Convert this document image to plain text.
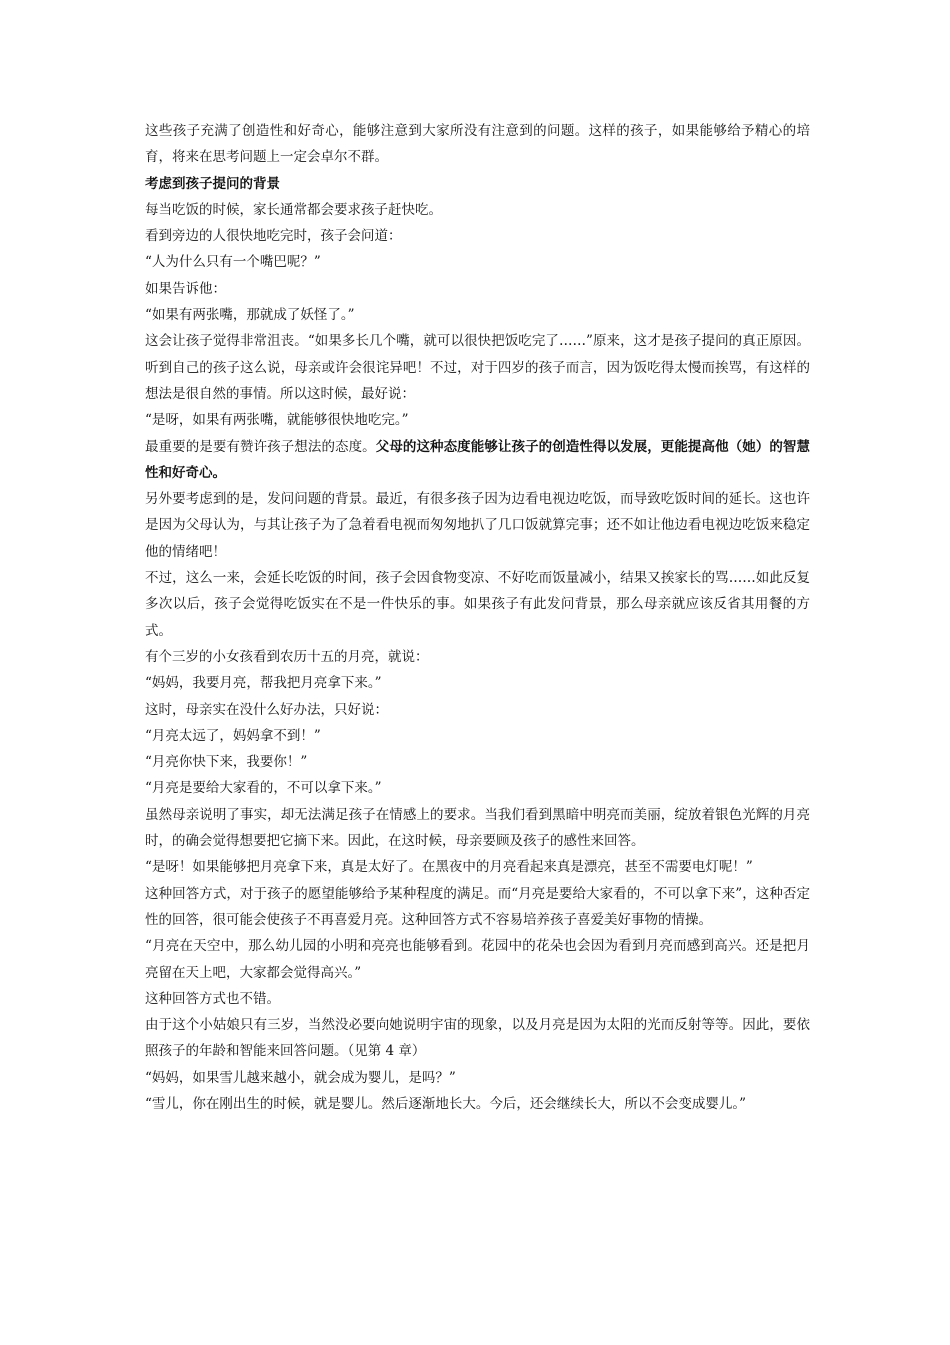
这些孩子充满了创造性和好奇心，能够注意到大家所没有注意到的问题。这样的孩子，如果能够给予精心的培育，将来在思考问题上一定会卓尔不群。

考虑到孩子提问的背景

每当吃饭的时候，家长通常都会要求孩子赶快吃。

看到旁边的人很快地吃完时，孩子会问道：

“人为什么只有一个嘴巴呢？”

如果告诉他：

“如果有两张嘴，那就成了妖怪了。”

这会让孩子觉得非常沮丧。“如果多长几个嘴，就可以很快把饭吃完了……”原来，这才是孩子提问的真正原因。听到自己的孩子这么说，母亲或许会很诧异吧！不过，对于四岁的孩子而言，因为饭吃得太慢而挨骂，有这样的想法是很自然的事情。所以这时候，最好说：

“是呀，如果有两张嘴，就能够很快地吃完。”

最重要的是要有赞许孩子想法的态度。父母的这种态度能够让孩子的创造性得以发展，更能提高他（她）的智慧性和好奇心。

另外要考虑到的是，发问问题的背景。最近，有很多孩子因为边看电视边吃饭，而导致吃饭时间的延长。这也许是因为父母认为，与其让孩子为了急着看电视而匆匆地扒了几口饭就算完事；还不如让他边看电视边吃饭来稳定他的情绪吧！

不过，这么一来，会延长吃饭的时间，孩子会因食物变凉、不好吃而饭量减小，结果又挨家长的骂……如此反复多次以后，孩子会觉得吃饭实在不是一件快乐的事。如果孩子有此发问背景，那么母亲就应该反省其用餐的方式。

有个三岁的小女孩看到农历十五的月亮，就说：

“妈妈，我要月亮，帮我把月亮拿下来。”

这时，母亲实在没什么好办法，只好说：

“月亮太远了，妈妈拿不到！”

“月亮你快下来，我要你！”

“月亮是要给大家看的，不可以拿下来。”

虽然母亲说明了事实，却无法满足孩子在情感上的要求。当我们看到黑暗中明亮而美丽，绽放着银色光辉的月亮时，的确会觉得想要把它摘下来。因此，在这时候，母亲要顾及孩子的感性来回答。

“是呀！如果能够把月亮拿下来，真是太好了。在黑夜中的月亮看起来真是漂亮，甚至不需要电灯呢！”

这种回答方式，对于孩子的愿望能够给予某种程度的满足。而“月亮是要给大家看的，不可以拿下来”，这种否定性的回答，很可能会使孩子不再喜爱月亮。这种回答方式不容易培养孩子喜爱美好事物的情操。

“月亮在天空中，那么幼儿园的小明和亮亮也能够看到。花园中的花朵也会因为看到月亮而感到高兴。还是把月亮留在天上吧，大家都会觉得高兴。”

这种回答方式也不错。

由于这个小姑娘只有三岁，当然没必要向她说明宇宙的现象，以及月亮是因为太阳的光而反射等等。因此，要依照孩子的年龄和智能来回答问题。（见第 4 章）

“妈妈，如果雪儿越来越小，就会成为婴儿，是吗？”

“雪儿，你在刚出生的时候，就是婴儿。然后逐渐地长大。今后，还会继续长大，所以不会变成婴儿。”
